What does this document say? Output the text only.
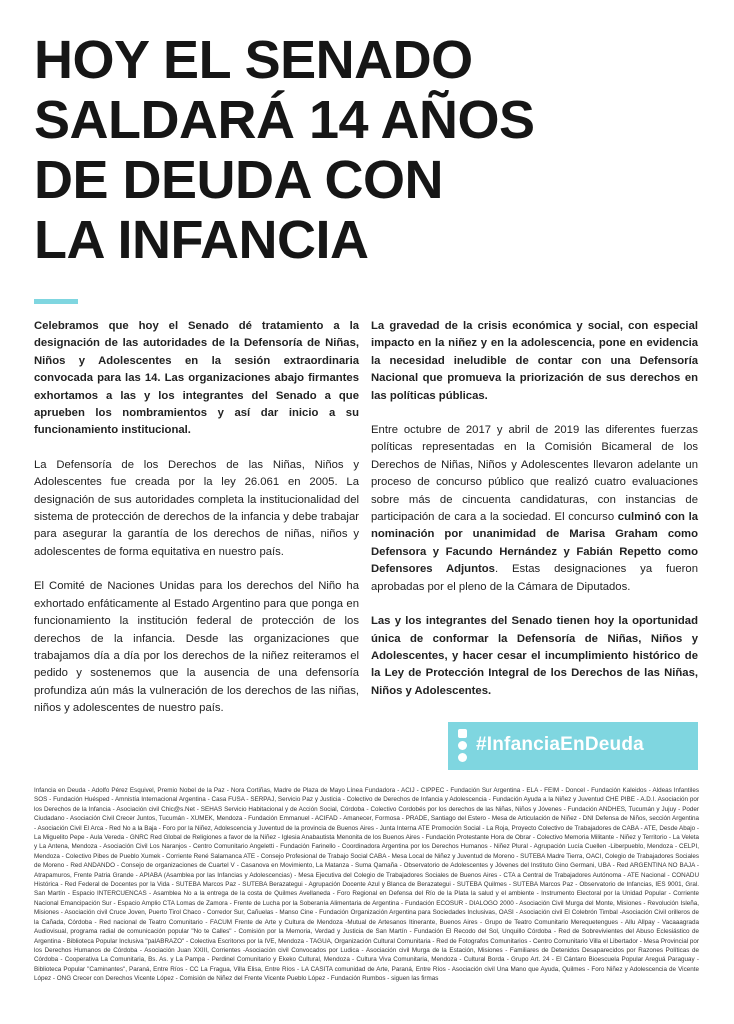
HOY EL SENADO
SALDARÁ 14 AÑOS
DE DEUDA CON
LA INFANCIA

Celebramos que hoy el Senado dé tratamiento a la designación de las autoridades de la Defensoría de Niñas, Niños y Adolescentes en la sesión extraordinaria convocada para las 14. Las organizaciones abajo firmantes exhortamos a las y los integrantes del Senado a que aprueben los nombramientos y así dar inicio a su funcionamiento institucional.

La Defensoría de los Derechos de las Niñas, Niños y Adolescentes fue creada por la ley 26.061 en 2005. La designación de sus autoridades completa la institucionalidad del sistema de protección de derechos de la infancia y debe trabajar para asegurar la garantía de los derechos de niñas, niños y adolescentes de forma equitativa en nuestro país.

El Comité de Naciones Unidas para los derechos del Niño ha exhortado enfáticamente al Estado Argentino para que ponga en funcionamiento la institución federal de protección de los derechos de la infancia. Desde las organizaciones que trabajamos día a día por los derechos de la niñez reiteramos el pedido y sostenemos que la ausencia de una defensoría profundiza aún más la vulneración de los derechos de las niñas, niños y adolescentes de nuestro país.

La gravedad de la crisis económica y social, con especial impacto en la niñez y en la adolescencia, pone en evidencia la necesidad ineludible de contar con una Defensoría Nacional que promueva la priorización de sus derechos en las políticas públicas.

Entre octubre de 2017 y abril de 2019 las diferentes fuerzas políticas representadas en la Comisión Bicameral de los Derechos de Niñas, Niños y Adolescentes llevaron adelante un proceso de concurso público que realizó cuatro evaluaciones sobre más de cincuenta candidaturas, con instancias de participación de cara a la sociedad. El concurso culminó con la nominación por unanimidad de Marisa Graham como Defensora y Facundo Hernández y Fabián Repetto como Defensores Adjuntos. Estas designaciones ya fueron aprobadas por el pleno de la Cámara de Diputados.

Las y los integrantes del Senado tienen hoy la oportunidad única de conformar la Defensoría de Niñas, Niños y Adolescentes, y hacer cesar el incumplimiento histórico de la Ley de Protección Integral de los Derechos de las Niñas, Niños y Adolescentes.

#InfanciaEnDeuda

Infancia en Deuda - Adolfo Pérez Esquivel, Premio Nobel de la Paz - Nora Cortiñas, Madre de Plaza de Mayo Línea Fundadora - ACIJ - CIPPEC - Fundación Sur Argentina - ELA - FEIM - Doncel - Fundación Kaleidos - Aldeas Infantiles SOS - Fundación Huésped - Amnistía Internacional Argentina - Casa FUSA - SERPAJ, Servicio Paz y Justicia - Colectivo de Derechos de Infancia y Adolescencia - Fundación Ayuda a la Niñez y Juventud CHE PIBE - A.D.I. Asociación por los Derechos de la Infancia - Asociación civil Chic@s.Net - SEHAS Servicio Habitacional y de Acción Social, Córdoba - Colectivo Cordobés por los derechos de las Niñas, Niños y Jóvenes - Fundación ANDHES, Tucumán y Jujuy - Poder Ciudadano - Asociación Civil Crecer Juntos, Tucumán - XUMEK, Mendoza - Fundación Emmanuel - ACIFAD - Amanecer, Formosa - PRADE, Santiago del Estero - Mesa de Articulación de Niñez - DNI Defensa de Niños, sección Argentina - Asociación Civil El Arca - Red No a la Baja - Foro por la Niñez, Adolescencia y Juventud de la provincia de Buenos Aires - Junta Interna ATE Promoción Social - La Roja, Proyecto Colectivo de Trabajadores de CABA - ATE, Desde Abajo - La Miguelito Pepe - Aula Vereda - GNRC Red Global de Religiones a favor de la Niñez - Iglesia Anabautista Menonita de los Buenos Aires - Fundación Protestante Hora de Obrar - Colectivo Memoria Militante - Niñez y Territorio - La Veleta y La Antena, Mendoza - Asociación Civil Los Naranjos - Centro Comunitario Angeletti - Fundación Farinello - Coordinadora Argentina por los Derechos Humanos - Niñez Plural - Agrupación Lucía Cuellen -Liberpueblo, Mendoza - CELPI, Mendoza - Colectivo Pibes de Pueblo Xumek - Corriente René Salamanca ATE - Consejo Profesional de Trabajo Social CABA - Mesa Local de Niñez y Juventud de Moreno - SUTEBA Madre Tierra, OACI, Colegio de Trabajadores Sociales de Moreno - Red ANDANDO - Consejo de organizaciones de Cuartel V - Casanova en Movimiento, La Matanza - Suma Qamaña - Observatorio de Adolescentes y Jóvenes del Instituto Gino Germani, UBA - Red ARGENTINA NO BAJA - Atrapamuros, Frente Patria Grande - APIABA (Asamblea por las Infancias y Adolescencias) - Mesa Ejecutiva del Colegio de Trabajadores Sociales de Buenos Aires - CTA a Central de Trabajadores Autónoma - ATE Nacional - CONADU Histórica - Red Federal de Docentes por la Vida - SUTEBA Marcos Paz - SUTEBA Berazategui - Agrupación Docente Azul y Blanca de Berazategui - SUTEBA Quilmes - SUTEBA Marcos Paz - Observatorio de Infancias, IES 9001, Gral. San Martín - Espacio INTERCUENCAS - Asamblea No a la entrega de la costa de Quilmes Avellaneda - Foro Regional en Defensa del Río de la Plata la salud y el ambiente - Instrumento Electoral por la Unidad Popular - Corriente Nacional Emancipación Sur - Espacio Amplio CTA Lomas de Zamora - Frente de Lucha por la Soberanía Alimentaria de Argentina - Fundación ECOSUR - DIALOGO 2000 - Asociación Civil Murga del Monte, Misiones - Revolución Isleña, Misiones - Asociación civil Cruce Joven, Puerto Tirol Chaco - Corredor Sur, Cañuelas - Manso Cine - Fundación Organización Argentina para Sociedades Inclusivas, OASI - Asociación civil El Colebrón Timbal -Asociación Civil orilleros de la Cañada, Córdoba - Red nacional de Teatro Comunitario - FACUM Frente de Arte y Cultura de Mendoza -Mutual de Artesanos Itinerante, Buenos Aires - Grupo de Teatro Comunitario Merequetengues - Allu Allpay - Vacaaagrada Audiovisual, programa radial de comunicación popular "No te Calles" - Comisión por la Memoria, Verdad y Justicia de San Martín - Fundación El Recodo del Sol, Unquillo Córdoba - Red de Sobrevivientes del Abuso Eclesiástico de Argentina - Biblioteca Popular Inclusiva "palABRAZO" - Colectiva Escritorxs por la IVE, Mendoza - TAGUA, Organización Cultural Comunitaria - Red de Fotografos Comunitarios - Centro Comunitario Villa el Libertador - Mesa Provincial por los Derechos Humanos de Córdoba - Asociación Juan XXIII, Corrientes -Asociación civil Convocados por Ludica - Asociación civil Murga de la Estación, Misiones - Familiares de Detenidos Desaparecidos por Razones Políticas de Córdoba - Cooperativa La Comunitaria, Bs. As. y La Pampa - Perdinel Comunitario y Ekeko Cultural, Mendoza - Cultura Viva Comunitaria, Mendoza - Cultural Borda - Grupo Art. 24 - El Cántaro Bioescuela Popular Areguá Paraguay - Biblioteca Popular "Caminantes", Paraná, Entre Ríos - CC La Fragua, Villa Elisa, Entre Ríos - LA CASITA comunidad de Arte, Paraná, Entre Ríos - Asociación civil Una Mano que Ayuda, Quilmes - Foro Niñez y Adolescencia de Vicente López - ONG Crecer con Derechos Vicente López - Comisión de Niñez del Frente Vicente Pueblo López - Fundación Rumbos - siguen las firmas
